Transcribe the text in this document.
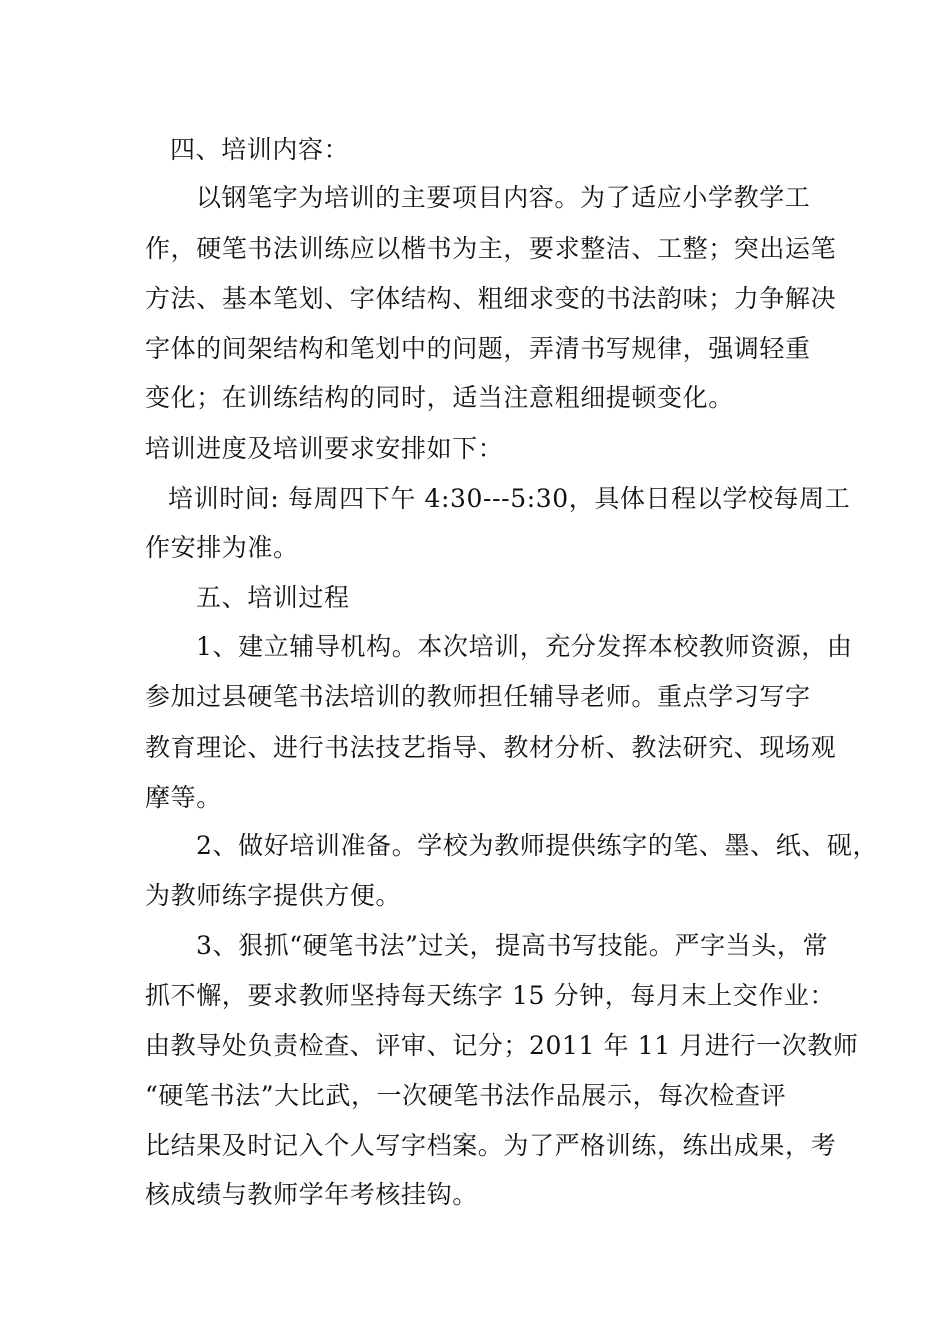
四、培训内容：
以钢笔字为培训的主要项目内容。为了适应小学教学工
作，硬笔书法训练应以楷书为主，要求整洁、工整；突出运笔
方法、基本笔划、字体结构、粗细求变的书法韵味；力争解决
字体的间架结构和笔划中的问题，弄清书写规律，强调轻重
变化；在训练结构的同时，适当注意粗细提顿变化。
培训进度及培训要求安排如下：
培训时间: 每周四下午 4:30---5:30，具体日程以学校每周工
作安排为准。
五、培训过程
1、建立辅导机构。本次培训，充分发挥本校教师资源，由
参加过县硬笔书法培训的教师担任辅导老师。重点学习写字
教育理论、进行书法技艺指导、教材分析、教法研究、现场观
摩等。
2、做好培训准备。学校为教师提供练字的笔、墨、纸、砚，
为教师练字提供方便。
3、狠抓“硬笔书法”过关，提高书写技能。严字当头，常
抓不懈，要求教师坚持每天练字 15 分钟，每月末上交作业：
由教导处负责检查、评审、记分；2011 年 11 月进行一次教师
“硬笔书法”大比武，一次硬笔书法作品展示，每次检查评
比结果及时记入个人写字档案。为了严格训练，练出成果，考
核成绩与教师学年考核挂钩。
